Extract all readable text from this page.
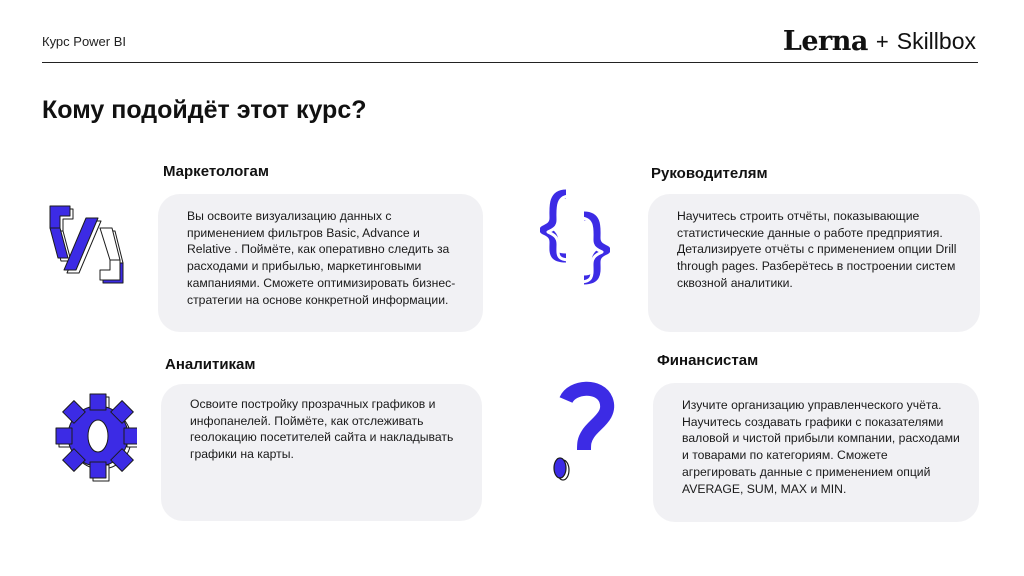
Курс Power BI	Lerna + Skillbox
Кому подойдёт этот курс?
Маркетологам
Вы освоите визуализацию данных с применением фильтров Basic, Advance и Relative . Поймёте, как оперативно следить за расходами и прибылью, маркетинговыми кампаниями. Сможете оптимизировать бизнес-стратегии на основе конкретной информации.
Руководителям
Научитесь строить отчёты, показывающие статистические данные о работе предприятия. Детализируете отчёты с применением опции Drill through pages. Разберётесь в построении систем сквозной аналитики.
Аналитикам
Освоите постройку прозрачных графиков и инфопанелей. Поймёте, как отслеживать геолокацию посетителей сайта и накладывать графики на карты.
Финансистам
Изучите организацию управленческого учёта. Научитесь создавать графики с показателями валовой и чистой прибыли компании, расходами и товарами по категориям. Сможете агрегировать данные с применением опций AVERAGE, SUM, MAX и MIN.
